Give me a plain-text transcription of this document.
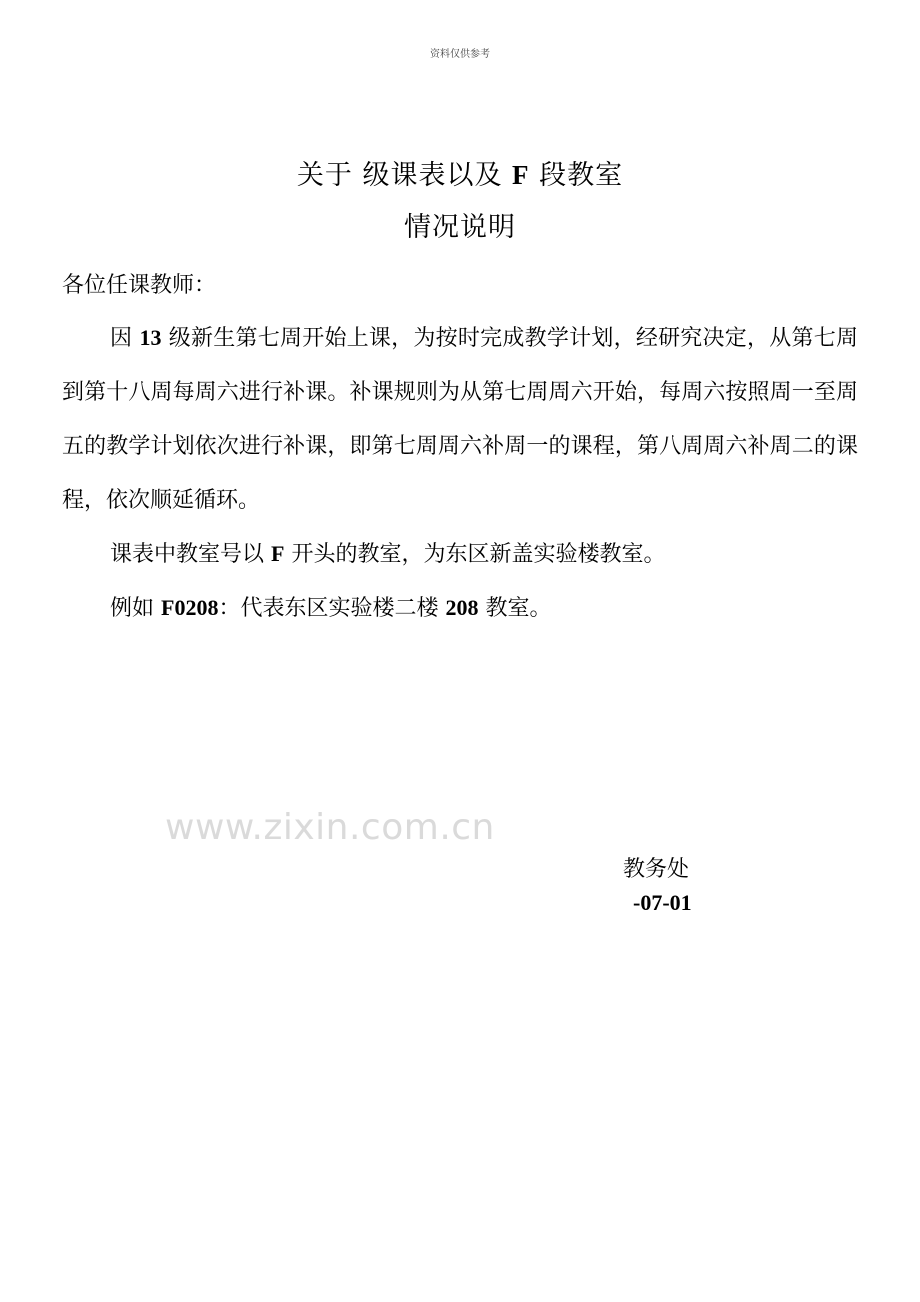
资料仅供参考
关于 级课表以及 F 段教室
情况说明
各位任课教师：

因 13 级新生第七周开始上课，为按时完成教学计划，经研究决定，从第七周到第十八周每周六进行补课。补课规则为从第七周周六开始，每周六按照周一至周五的教学计划依次进行补课，即第七周周六补周一的课程，第八周周六补周二的课程，依次顺延循环。

课表中教室号以 F 开头的教室，为东区新盖实验楼教室。

例如 F0208：代表东区实验楼二楼 208 教室。

www.zixin.com.cn
教务处
-07-01
